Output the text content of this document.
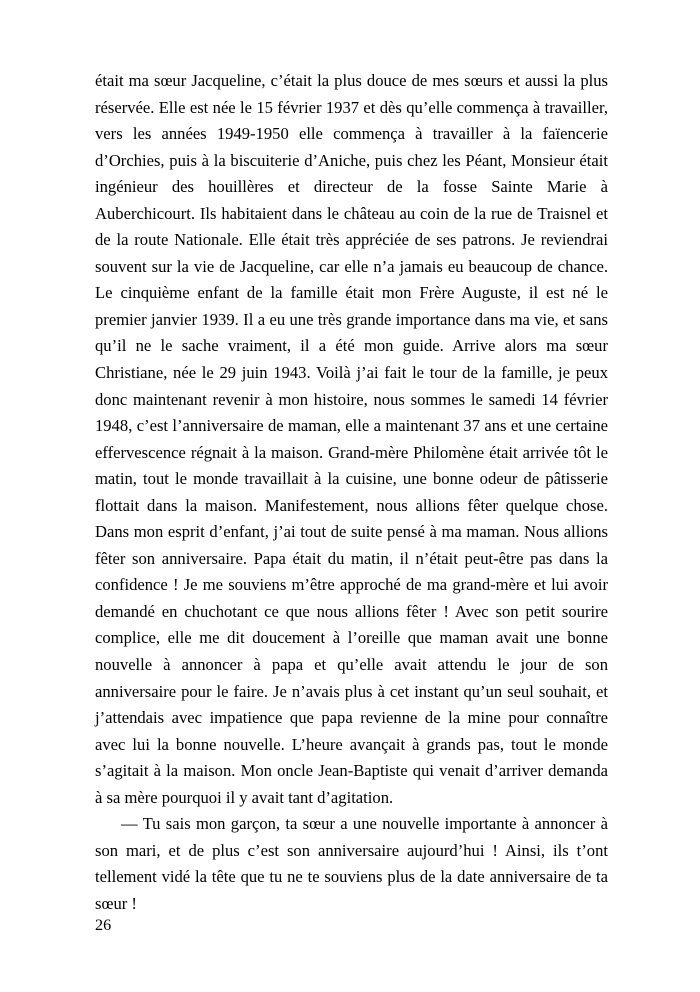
était ma sœur Jacqueline, c’était la plus douce de mes sœurs et aussi la plus réservée. Elle est née le 15 février 1937 et dès qu’elle commença à travailler, vers les années 1949-1950 elle commença à travailler à la faïencerie d’Orchies, puis à la biscuiterie d’Aniche, puis chez les Péant, Monsieur était ingénieur des houillères et directeur de la fosse Sainte Marie à Auberchicourt. Ils habitaient dans le château au coin de la rue de Traisnel et de la route Nationale. Elle était très appréciée de ses patrons. Je reviendrai souvent sur la vie de Jacqueline, car elle n’a jamais eu beaucoup de chance. Le cinquième enfant de la famille était mon Frère Auguste, il est né le premier janvier 1939. Il a eu une très grande importance dans ma vie, et sans qu’il ne le sache vraiment, il a été mon guide. Arrive alors ma sœur Christiane, née le 29 juin 1943. Voilà j’ai fait le tour de la famille, je peux donc maintenant revenir à mon histoire, nous sommes le samedi 14 février 1948, c’est l’anniversaire de maman, elle a maintenant 37 ans et une certaine effervescence régnait à la maison. Grand-mère Philomène était arrivée tôt le matin, tout le monde travaillait à la cuisine, une bonne odeur de pâtisserie flottait dans la maison. Manifestement, nous allions fêter quelque chose. Dans mon esprit d’enfant, j’ai tout de suite pensé à ma maman. Nous allions fêter son anniversaire. Papa était du matin, il n’était peut-être pas dans la confidence ! Je me souviens m’être approché de ma grand-mère et lui avoir demandé en chuchotant ce que nous allions fêter ! Avec son petit sourire complice, elle me dit doucement à l’oreille que maman avait une bonne nouvelle à annoncer à papa et qu’elle avait attendu le jour de son anniversaire pour le faire. Je n’avais plus à cet instant qu’un seul souhait, et j’attendais avec impatience que papa revienne de la mine pour connaître avec lui la bonne nouvelle. L’heure avançait à grands pas, tout le monde s’agitait à la maison. Mon oncle Jean-Baptiste qui venait d’arriver demanda à sa mère pourquoi il y avait tant d’agitation.

— Tu sais mon garçon, ta sœur a une nouvelle importante à annoncer à son mari, et de plus c’est son anniversaire aujourd’hui ! Ainsi, ils t’ont tellement vidé la tête que tu ne te souviens plus de la date anniversaire de ta sœur !

26
